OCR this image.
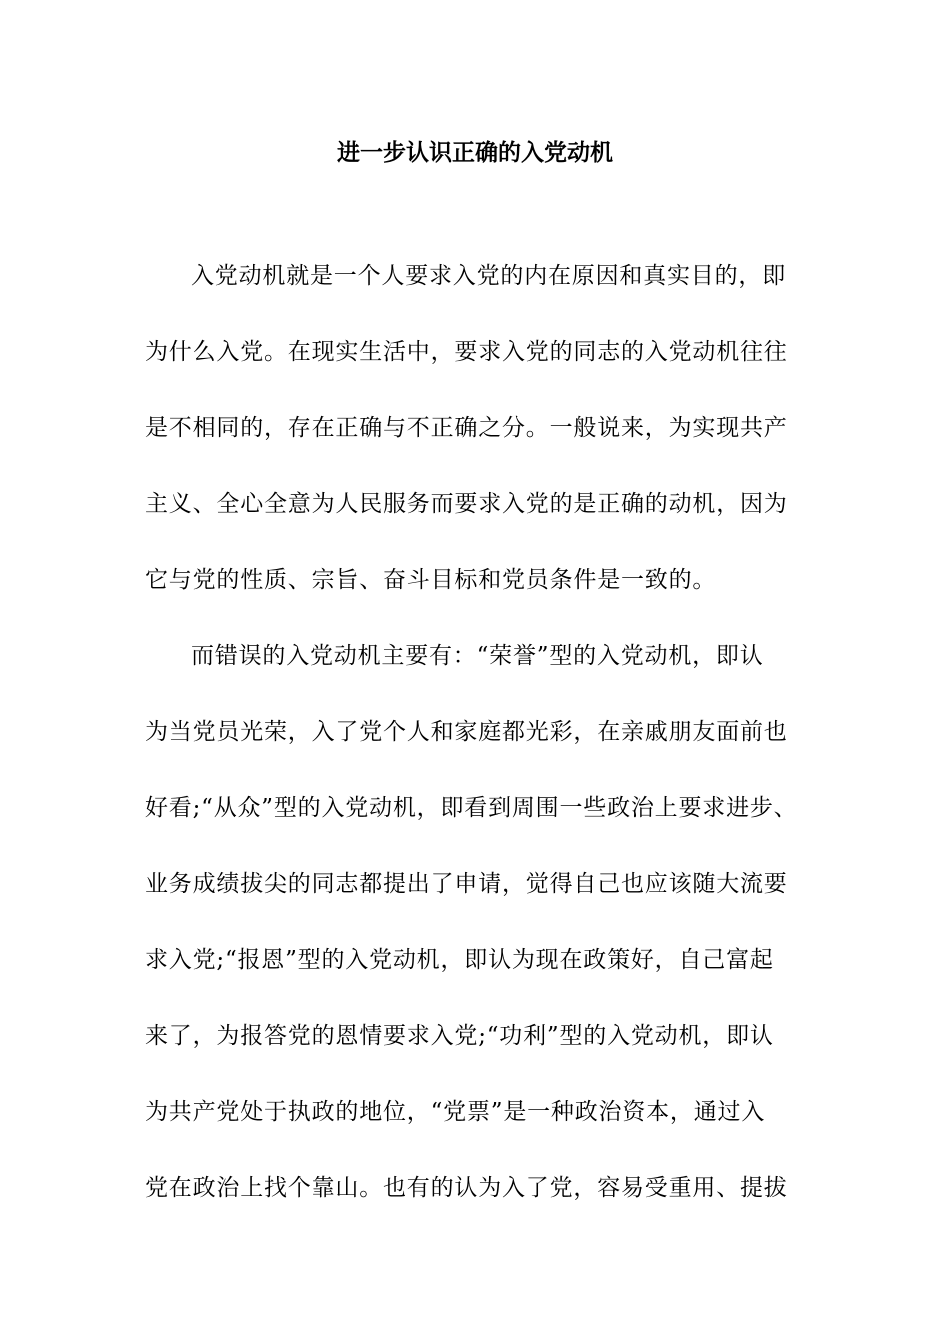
进一步认识正确的入党动机
入党动机就是一个人要求入党的内在原因和真实目的，即
为什么入党。在现实生活中，要求入党的同志的入党动机往往
是不相同的，存在正确与不正确之分。一般说来，为实现共产
主义、全心全意为人民服务而要求入党的是正确的动机，因为
它与党的性质、宗旨、奋斗目标和党员条件是一致的。
而错误的入党动机主要有：“荣誉”型的入党动机，即认
为当党员光荣，入了党个人和家庭都光彩，在亲戚朋友面前也
好看;“从众”型的入党动机，即看到周围一些政治上要求进步、
业务成绩拔尖的同志都提出了申请，觉得自己也应该随大流要
求入党;“报恩”型的入党动机，即认为现在政策好，自己富起
来了，为报答党的恩情要求入党;“功利”型的入党动机，即认
为共产党处于执政的地位，“党票”是一种政治资本，通过入
党在政治上找个靠山。也有的认为入了党，容易受重用、提拔
